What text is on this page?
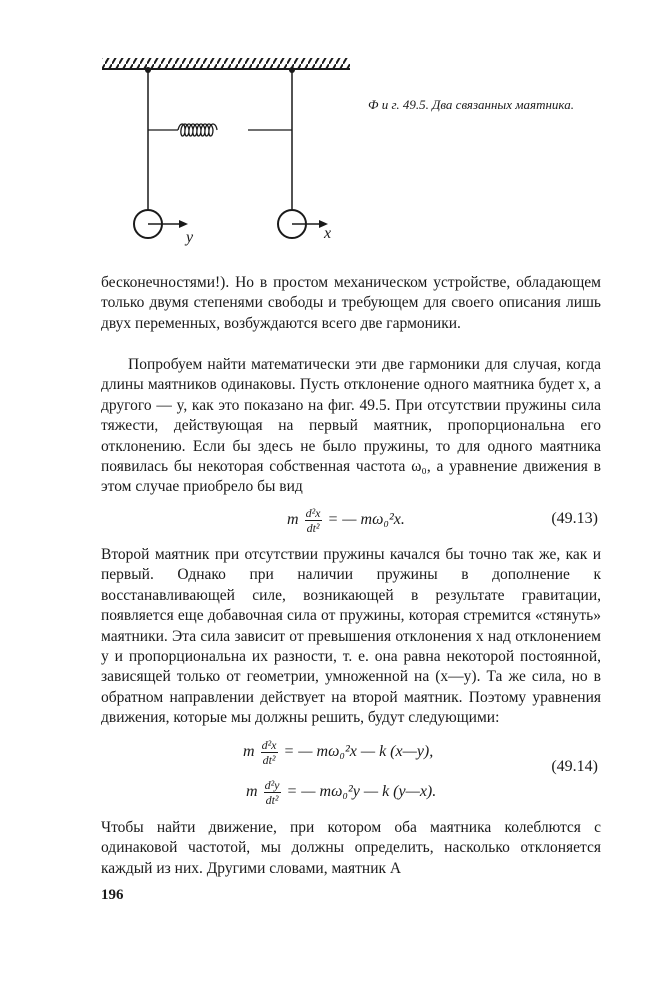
y	x
Ф и г. 49.5. Два связанных маятника.

бесконечностями!). Но в простом механическом устройстве, обладающем только двумя степенями свободы и требующем для своего описания лишь двух переменных, возбуждаются всего две гармоники.

Попробуем найти математически эти две гармоники для случая, когда длины маятников одинаковы. Пусть отклонение одного маятника будет x, а другого — y, как это показано на фиг. 49.5. При отсутствии пружины сила тяжести, действующая на первый маятник, пропорциональна его отклонению. Если бы здесь не было пружины, то для одного маятника появилась бы некоторая собственная частота ω₀, а уравнение движения в этом случае приобрело бы вид

m $\frac{\text{d²x}}{\text{dt²}}$ = — mω₀²x.	(49.13)

Второй маятник при отсутствии пружины качался бы точно так же, как и первый. Однако при наличии пружины в дополнение к восстанавливающей силе, возникающей в результате гравитации, появляется еще добавочная сила от пружины, которая стремится «стянуть» маятники. Эта сила зависит от превышения отклонения x над отклонением y и пропорциональна их разности, т. е. она равна некоторой постоянной, зависящей только от геометрии, умноженной на (x—y). Та же сила, но в обратном направлении действует на второй маятник. Поэтому уравнения движения, которые мы должны решить, будут следующими:

m $\frac{\text{d²x}}{\text{dt²}}$ = — mω₀²x — k (x—y),
m $\frac{\text{d²y}}{\text{dt²}}$ = — mω₀²y — k (y—x).
(49.14)

Чтобы найти движение, при котором оба маятника колеблются с одинаковой частотой, мы должны определить, насколько отклоняется каждый из них. Другими словами, маятник A

196
